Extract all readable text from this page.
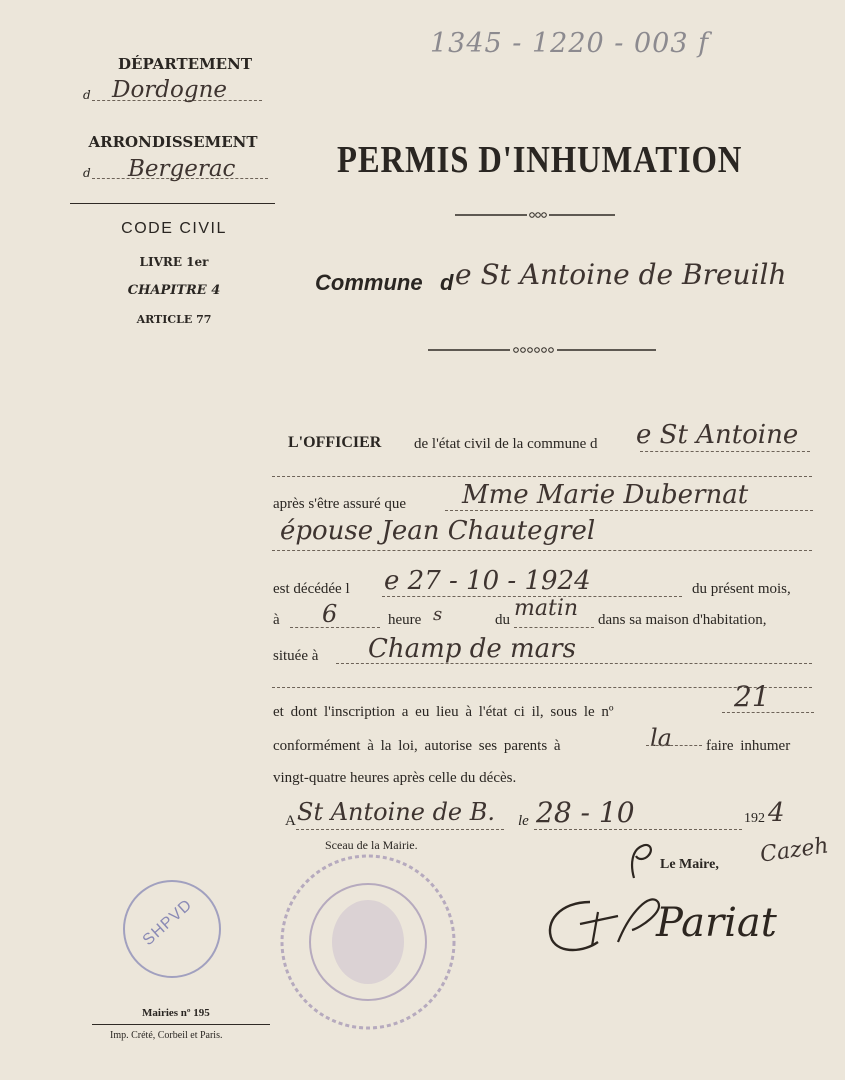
1345 - 1220 - 003 f
DÉPARTEMENT
d Dordogne
ARRONDISSEMENT
d Bergerac
CODE CIVIL
LIVRE 1er
CHAPITRE 4
ARTICLE 77
PERMIS D'INHUMATION
Commune d e St Antoine de Breuilh
L'OFFICIER de l'état civil de la commune d e St Antoine
après s'être assuré que Mme Marie Dubernat
épouse Jean Chautegrel
est décédée l e 27 - 10 - 1924	du présent mois,
à 6	heure s	du matin dans sa maison d'habitation,
située à Champ de mars
et dont l'inscription a eu lieu à l'état ci il, sous le nº	21
conformément à la loi, autorise ses parents à	la faire inhumer
vingt-quatre heures après celle du décès.
A St Antoine de B. le 28 - 10	192 4
Sceau de la Mairie.
Le Maire, Cazeh
Pariat
SHPVD
Mairies nº 195
Imp. Crété, Corbeil et Paris.
